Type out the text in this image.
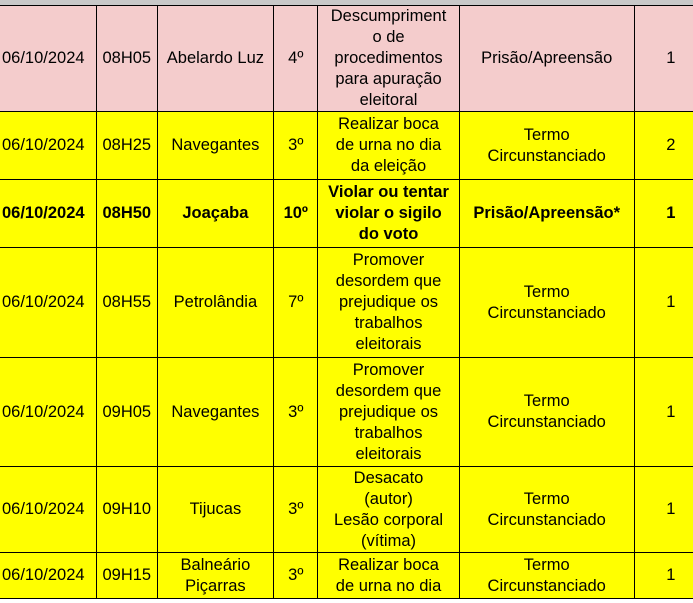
06/10/2024	08H05	Abelardo Luz	4º	Descumpriment
o de
procedimentos
para apuração
eleitoral	Prisão/Apreensão	1
06/10/2024	08H25	Navegantes	3º	Realizar boca
de urna no dia
da eleição	Termo
Circunstanciado	2
06/10/2024	08H50	Joaçaba	10º	Violar ou tentar
violar o sigilo
do voto	Prisão/Apreensão*	1
06/10/2024	08H55	Petrolândia	7º	Promover
desordem que
prejudique os
trabalhos
eleitorais	Termo
Circunstanciado	1
06/10/2024	09H05	Navegantes	3º	Promover
desordem que
prejudique os
trabalhos
eleitorais	Termo
Circunstanciado	1
06/10/2024	09H10	Tijucas	3º	Desacato
(autor)
Lesão corporal
(vítima)	Termo
Circunstanciado	1
06/10/2024	09H15	Balneário
Piçarras	3º	Realizar boca
de urna no dia	Termo
Circunstanciado	1
